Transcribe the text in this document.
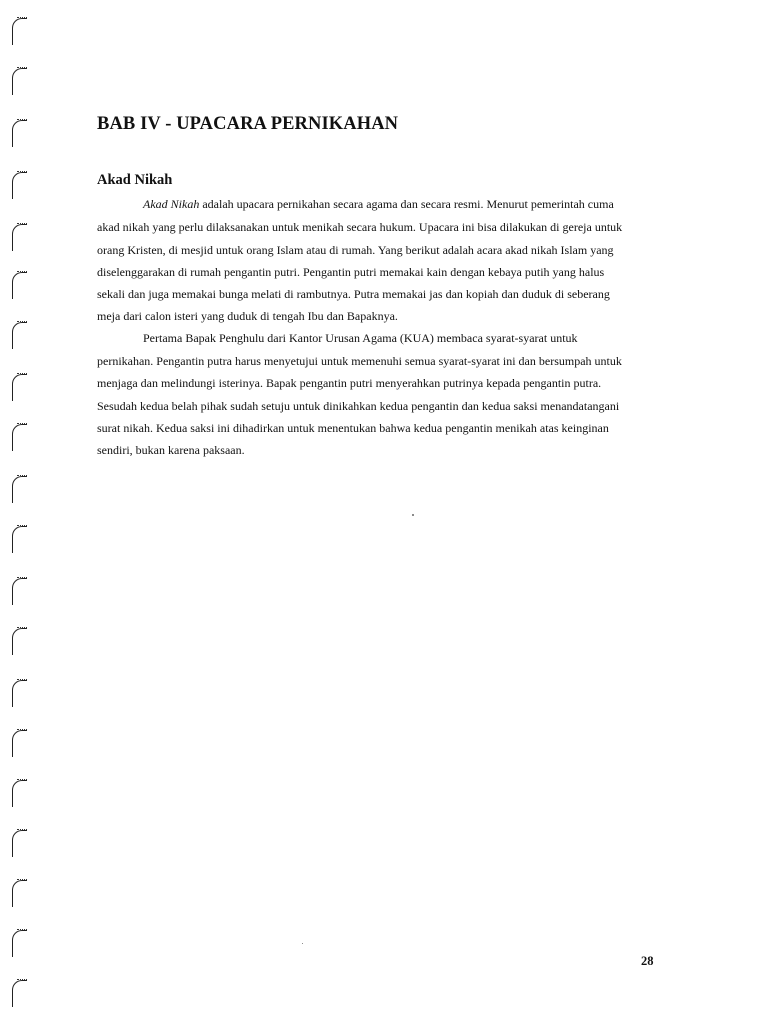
BAB IV - UPACARA PERNIKAHAN
Akad Nikah

Akad Nikah adalah upacara pernikahan secara agama dan secara resmi. Menurut pemerintah cuma

akad nikah yang perlu dilaksanakan untuk menikah secara hukum. Upacara ini bisa dilakukan di gereja untuk

orang Kristen, di mesjid untuk orang Islam atau di rumah. Yang berikut adalah acara akad nikah Islam yang

diselenggarakan di rumah pengantin putri. Pengantin putri memakai kain dengan kebaya putih yang halus

sekali dan juga memakai bunga melati di rambutnya. Putra memakai jas dan kopiah dan duduk di seberang

meja dari calon isteri yang duduk di tengah Ibu dan Bapaknya.

Pertama Bapak Penghulu dari Kantor Urusan Agama (KUA) membaca syarat-syarat untuk

pernikahan. Pengantin putra harus menyetujui untuk memenuhi semua syarat-syarat ini dan bersumpah untuk

menjaga dan melindungi isterinya. Bapak pengantin putri menyerahkan putrinya kepada pengantin putra.

Sesudah kedua belah pihak sudah setuju untuk dinikahkan kedua pengantin dan kedua saksi menandatangani

surat nikah. Kedua saksi ini dihadirkan untuk menentukan bahwa kedua pengantin menikah atas keinginan

sendiri, bukan karena paksaan.

28
